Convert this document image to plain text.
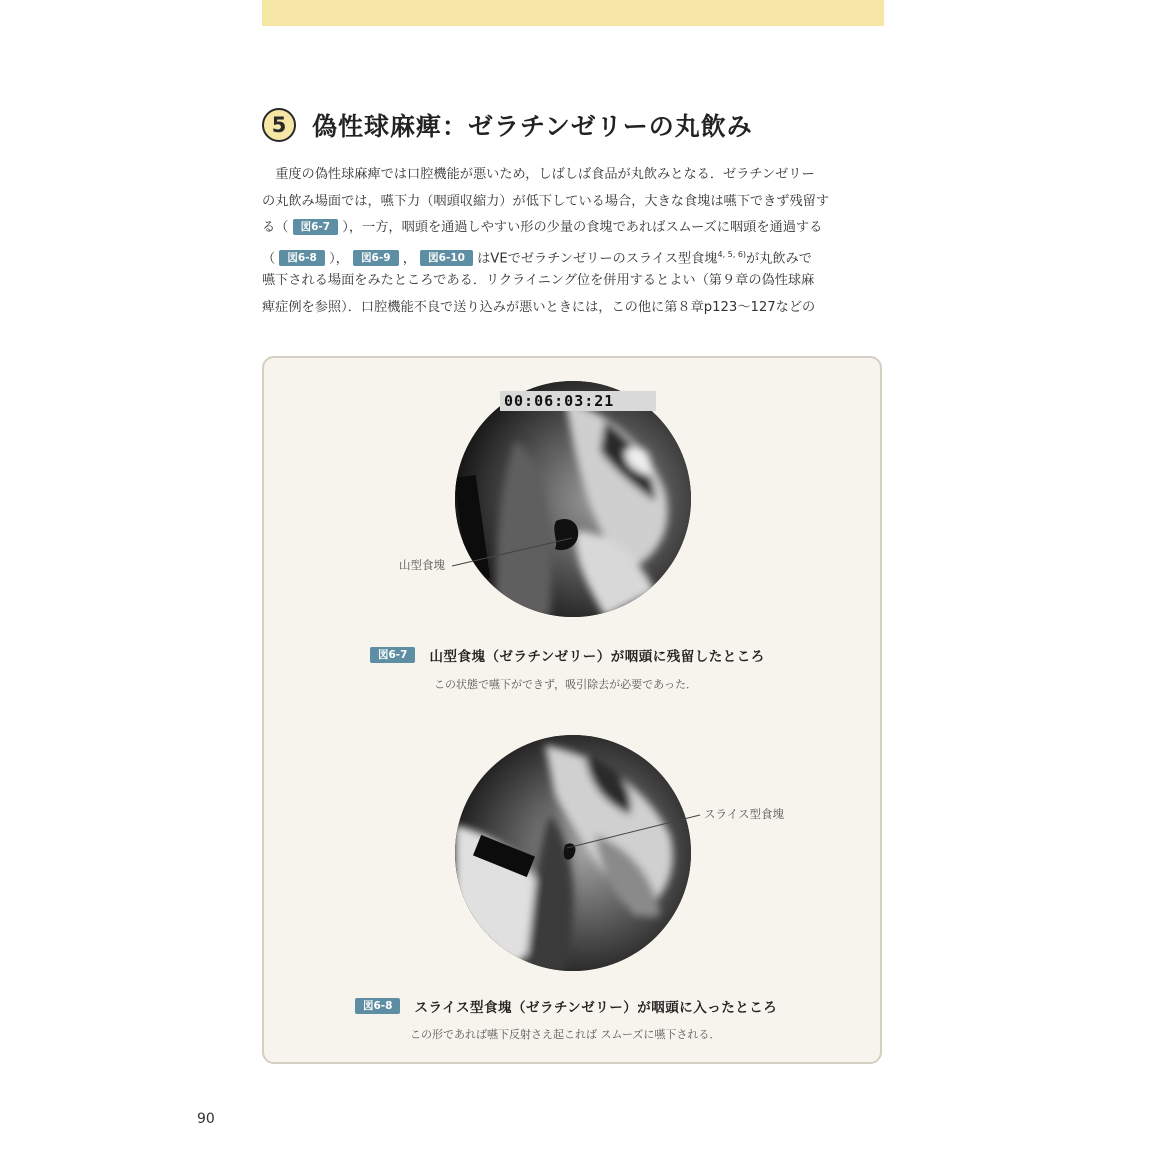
5	偽性球麻痺：ゼラチンゼリーの丸飲み
　重度の偽性球麻痺では口腔機能が悪いため，しばしば食品が丸飲みとなる．ゼラチンゼリー
の丸飲み場面では，嚥下力（咽頭収縮力）が低下している場合，大きな食塊は嚥下できず残留す
る（ 図6-7 ），一方，咽頭を通過しやすい形の少量の食塊であればスムーズに咽頭を通過する
（ 図6-8 ）， 図6-9 ， 図6-10 はVEでゼラチンゼリーのスライス型食塊$^{4, 5, 6)}$が丸飲みで
嚥下される場面をみたところである．リクライニング位を併用するとよい（第９章の偽性球麻
痺症例を参照）．口腔機能不良で送り込みが悪いときには，この他に第８章p123～127などの
00:06:03:21
山型食塊
スライス型食塊
図6-7	山型食塊（ゼラチンゼリー）が咽頭に残留したところ
この状態で嚥下ができず，吸引除去が必要であった．
図6-8	スライス型食塊（ゼラチンゼリー）が咽頭に入ったところ
この形であれば嚥下反射さえ起これば スムーズに嚥下される．
90
